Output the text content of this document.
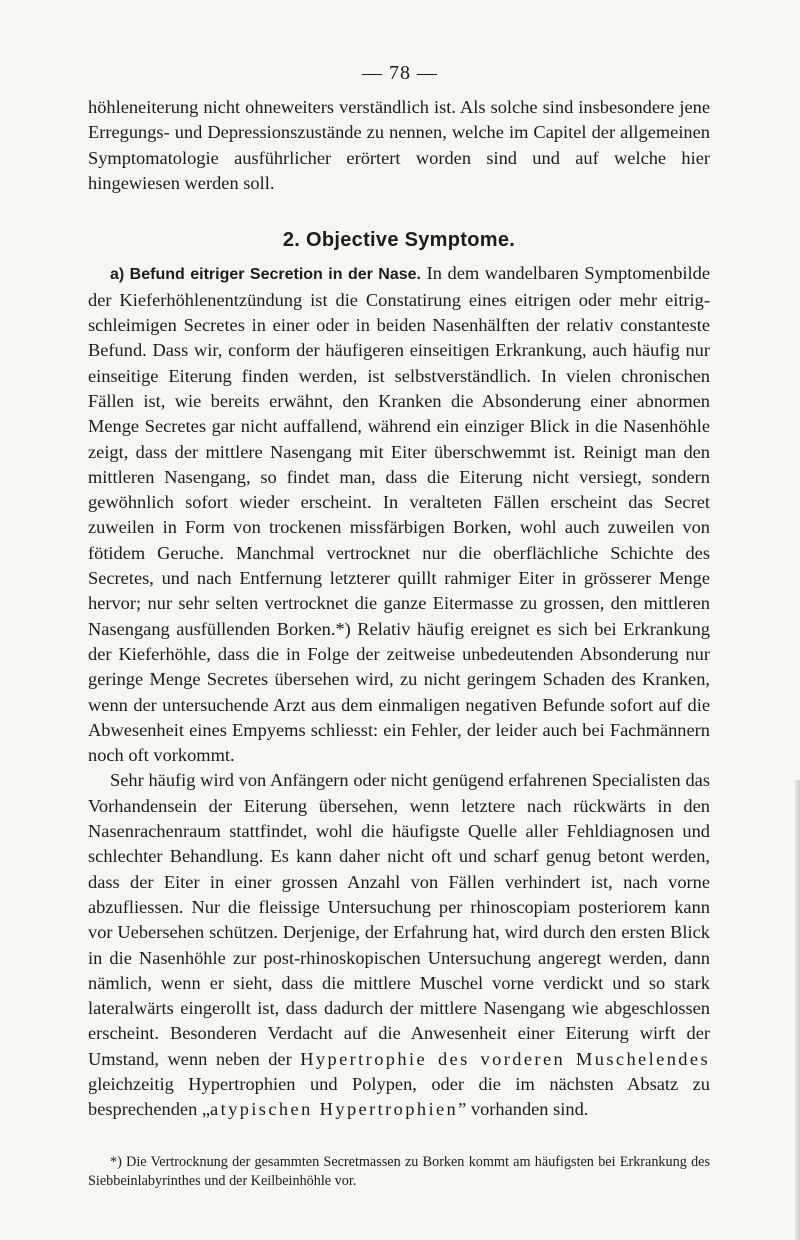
— 78 —

höhleneiterung nicht ohneweiters verständlich ist. Als solche sind insbesondere jene Erregungs- und Depressionszustände zu nennen, welche im Capitel der allgemeinen Symptomatologie ausführlicher erörtert worden sind und auf welche hier hingewiesen werden soll.

2. Objective Symptome.

a) Befund eitriger Secretion in der Nase. In dem wandelbaren Symptomenbilde der Kieferhöhlenentzündung ist die Constatirung eines eitrigen oder mehr eitrig-schleimigen Secretes in einer oder in beiden Nasenhälften der relativ constanteste Befund. Dass wir, conform der häufigeren einseitigen Erkrankung, auch häufig nur einseitige Eiterung finden werden, ist selbstverständlich. In vielen chronischen Fällen ist, wie bereits erwähnt, den Kranken die Absonderung einer abnormen Menge Secretes gar nicht auffallend, während ein einziger Blick in die Nasenhöhle zeigt, dass der mittlere Nasengang mit Eiter überschwemmt ist. Reinigt man den mittleren Nasengang, so findet man, dass die Eiterung nicht versiegt, sondern gewöhnlich sofort wieder erscheint. In veralteten Fällen erscheint das Secret zuweilen in Form von trockenen missfärbigen Borken, wohl auch zuweilen von fötidem Geruche. Manchmal vertrocknet nur die oberflächliche Schichte des Secretes, und nach Entfernung letzterer quillt rahmiger Eiter in grösserer Menge hervor; nur sehr selten vertrocknet die ganze Eitermasse zu grossen, den mittleren Nasengang ausfüllenden Borken.*) Relativ häufig ereignet es sich bei Erkrankung der Kieferhöhle, dass die in Folge der zeitweise unbedeutenden Absonderung nur geringe Menge Secretes übersehen wird, zu nicht geringem Schaden des Kranken, wenn der untersuchende Arzt aus dem einmaligen negativen Befunde sofort auf die Abwesenheit eines Empyems schliesst: ein Fehler, der leider auch bei Fachmännern noch oft vorkommt.

Sehr häufig wird von Anfängern oder nicht genügend erfahrenen Specialisten das Vorhandensein der Eiterung übersehen, wenn letztere nach rückwärts in den Nasenrachenraum stattfindet, wohl die häufigste Quelle aller Fehldiagnosen und schlechter Behandlung. Es kann daher nicht oft und scharf genug betont werden, dass der Eiter in einer grossen Anzahl von Fällen verhindert ist, nach vorne abzufliessen. Nur die fleissige Untersuchung per rhinoscopiam posteriorem kann vor Uebersehen schützen. Derjenige, der Erfahrung hat, wird durch den ersten Blick in die Nasenhöhle zur post-rhinoskopischen Untersuchung angeregt werden, dann nämlich, wenn er sieht, dass die mittlere Muschel vorne verdickt und so stark lateralwärts eingerollt ist, dass dadurch der mittlere Nasengang wie abgeschlossen erscheint. Besonderen Verdacht auf die Anwesenheit einer Eiterung wirft der Umstand, wenn neben der Hypertrophie des vorderen Muschelendes gleichzeitig Hypertrophien und Polypen, oder die im nächsten Absatz zu besprechenden „atypischen Hypertrophien” vorhanden sind.

*) Die Vertrocknung der gesammten Secretmassen zu Borken kommt am häufigsten bei Erkrankung des Siebbeinlabyrinthes und der Keilbeinhöhle vor.
